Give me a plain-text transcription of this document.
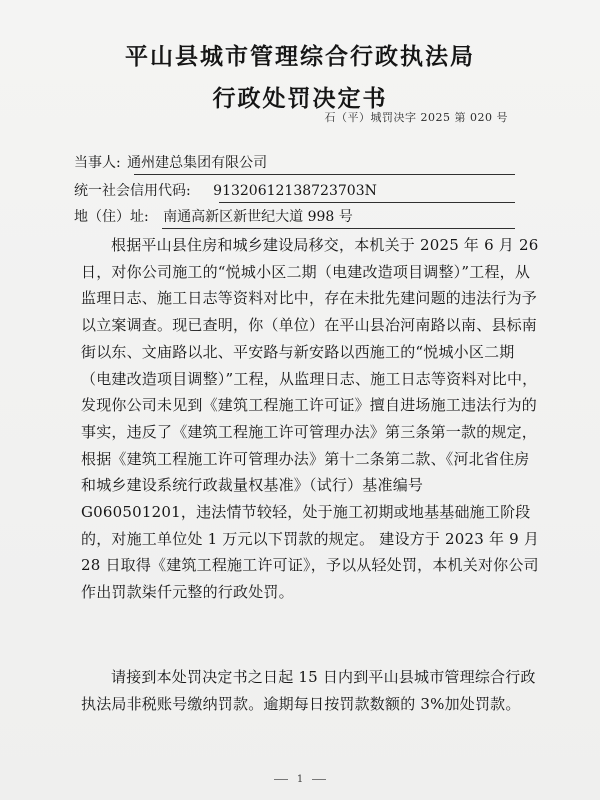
平山县城市管理综合行政执法局
行政处罚决定书
石（平）城罚决字 2025 第 020 号
当事人: 通州建总集团有限公司
统一社会信用代码: 91320612138723703N
地（住）址: 南通高新区新世纪大道 998 号

根据平山县住房和城乡建设局移交，本机关于 2025 年 6 月 26 日，对你公司施工的“悦城小区二期（电建改造项目调整）”工程，从监理日志、施工日志等资料对比中，存在未批先建问题的违法行为予以立案调查。现已查明，你（单位）在平山县冶河南路以南、县标南街以东、文庙路以北、平安路与新安路以西施工的“悦城小区二期（电建改造项目调整）”工程，从监理日志、施工日志等资料对比中，发现你公司未见到《建筑工程施工许可证》擅自进场施工违法行为的事实，违反了《建筑工程施工许可管理办法》第三条第一款的规定，根据《建筑工程施工许可管理办法》第十二条第二款、《河北省住房和城乡建设系统行政裁量权基准》（试行）基准编号 G060501201，违法情节较轻，处于施工初期或地基基础施工阶段的，对施工单位处 1 万元以下罚款的规定。 建设方于 2023 年 9 月 28 日取得《建筑工程施工许可证》，予以从轻处罚，本机关对你公司作出罚款柒仟元整的行政处罚。

请接到本处罚决定书之日起 15 日内到平山县城市管理综合行政执法局非税账号缴纳罚款。逾期每日按罚款数额的 3%加处罚款。

1
